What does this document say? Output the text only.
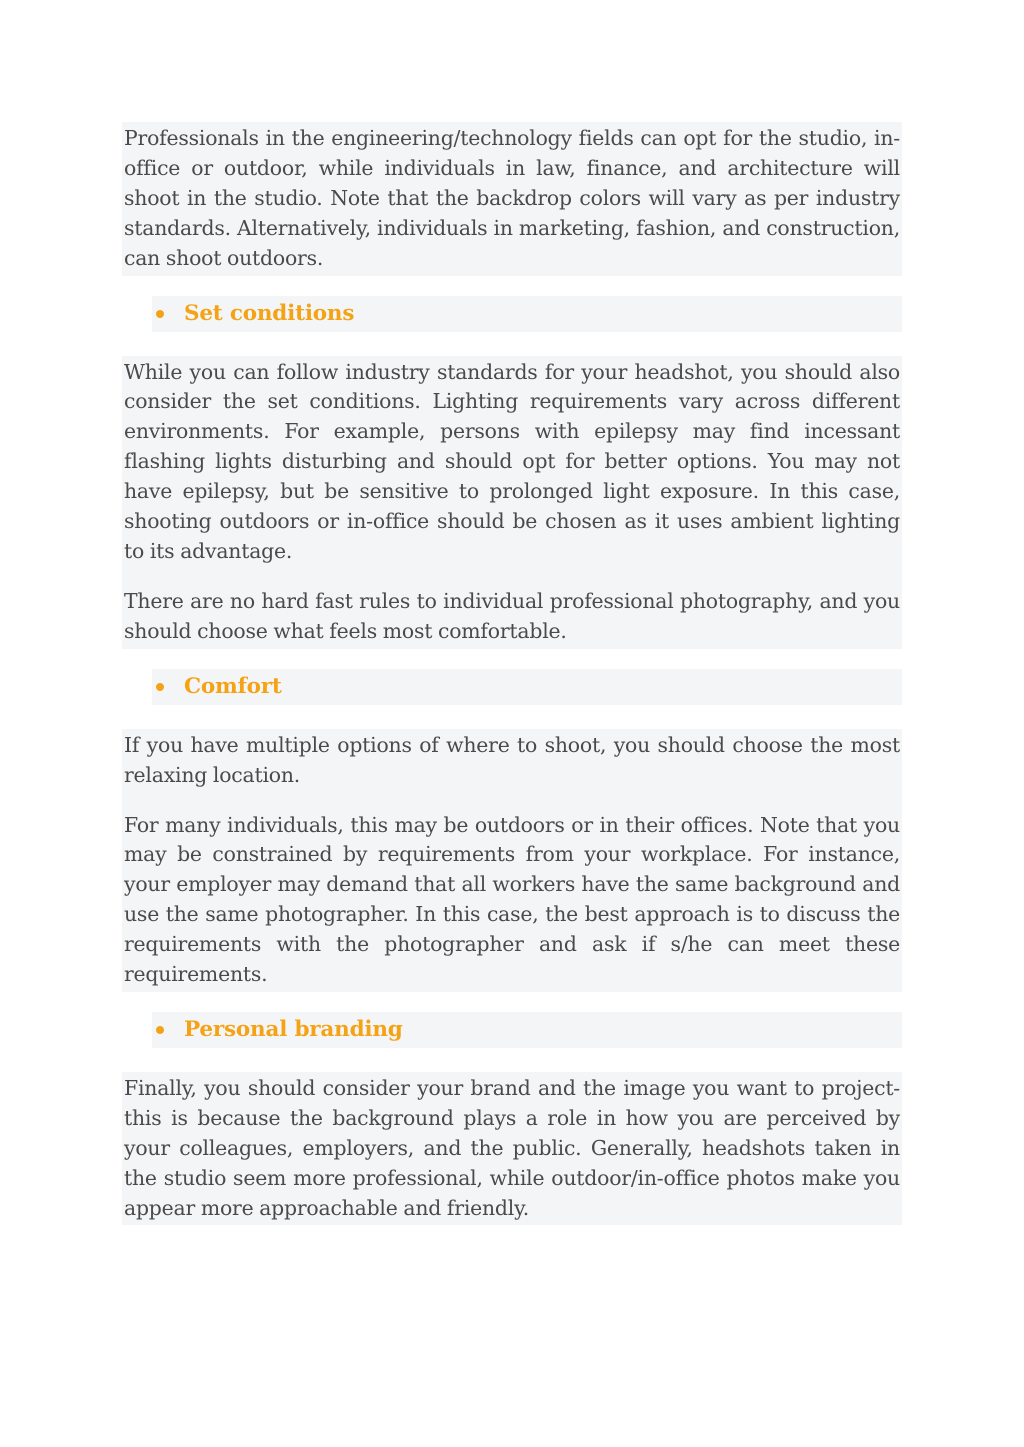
Professionals in the engineering/technology fields can opt for the studio, in-office or outdoor, while individuals in law, finance, and architecture will shoot in the studio. Note that the backdrop colors will vary as per industry standards. Alternatively, individuals in marketing, fashion, and construction, can shoot outdoors.

Set conditions

While you can follow industry standards for your headshot, you should also consider the set conditions. Lighting requirements vary across different environments. For example, persons with epilepsy may find incessant flashing lights disturbing and should opt for better options. You may not have epilepsy, but be sensitive to prolonged light exposure. In this case, shooting outdoors or in-office should be chosen as it uses ambient lighting to its advantage.

There are no hard fast rules to individual professional photography, and you should choose what feels most comfortable.

Comfort

If you have multiple options of where to shoot, you should choose the most relaxing location.

For many individuals, this may be outdoors or in their offices. Note that you may be constrained by requirements from your workplace. For instance, your employer may demand that all workers have the same background and use the same photographer. In this case, the best approach is to discuss the requirements with the photographer and ask if s/he can meet these requirements.

Personal branding

Finally, you should consider your brand and the image you want to project-this is because the background plays a role in how you are perceived by your colleagues, employers, and the public. Generally, headshots taken in the studio seem more professional, while outdoor/in-office photos make you appear more approachable and friendly.
